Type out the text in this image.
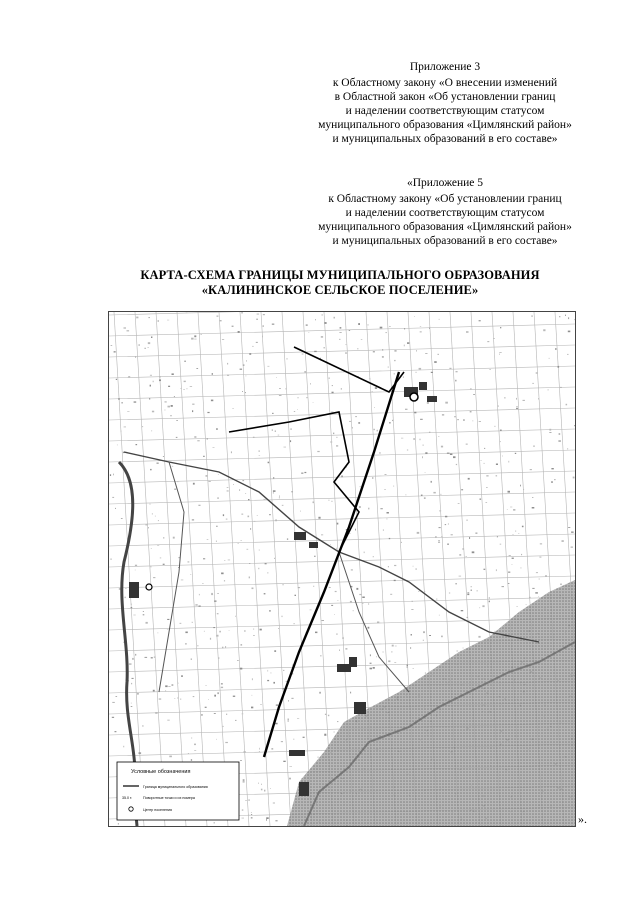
Приложение 3
к Областному закону «О внесении изменений
в Областной закон «Об установлении границ
и наделении соответствующим статусом
муниципального образования «Цимлянский район»
и муниципальных образований в его составе»
«Приложение 5
к Областному закону «Об установлении границ
и наделении соответствующим статусом
муниципального образования «Цимлянский район»
и муниципальных образований в его составе»
КАРТА-СХЕМА ГРАНИЦЫ МУНИЦИПАЛЬНОГО ОБРАЗОВАНИЯ
«КАЛИНИНСКОЕ СЕЛЬСКОЕ ПОСЕЛЕНИЕ»
Условные обозначения
Граница муниципального образования
35.0 т.	Поворотные точки и их номера
Центр поселения
».
